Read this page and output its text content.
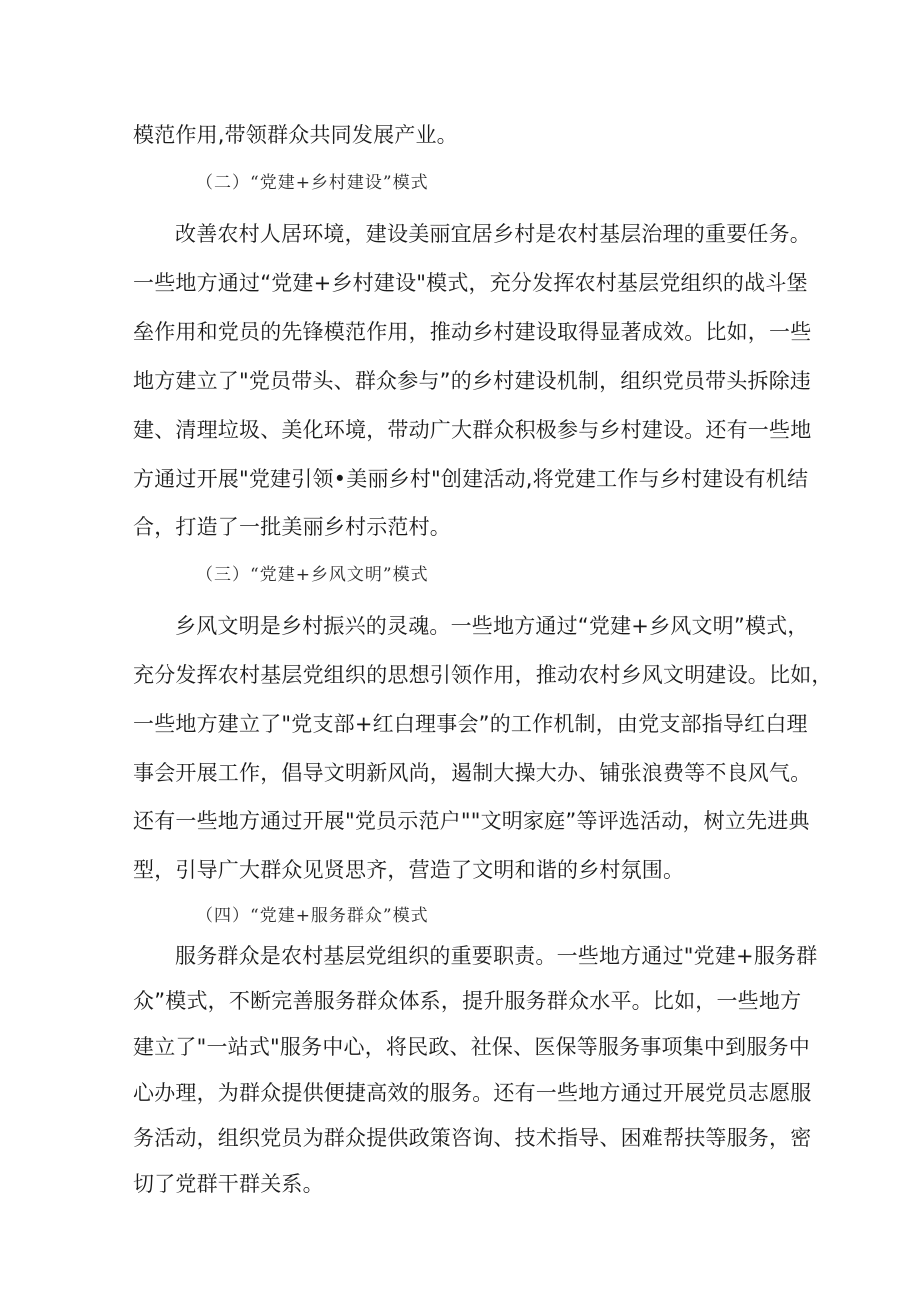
模范作用,带领群众共同发展产业。
（二）“党建+乡村建设”模式
改善农村人居环境，建设美丽宜居乡村是农村基层治理的重要任务。
一些地方通过“党建+乡村建设"模式，充分发挥农村基层党组织的战斗堡
垒作用和党员的先锋模范作用，推动乡村建设取得显著成效。比如，一些
地方建立了"党员带头、群众参与”的乡村建设机制，组织党员带头拆除违
建、清理垃圾、美化环境，带动广大群众积极参与乡村建设。还有一些地
方通过开展"党建引领•美丽乡村"创建活动,将党建工作与乡村建设有机结
合，打造了一批美丽乡村示范村。
（三）“党建+乡风文明”模式
乡风文明是乡村振兴的灵魂。一些地方通过“党建+乡风文明”模式，
充分发挥农村基层党组织的思想引领作用，推动农村乡风文明建设。比如，
一些地方建立了"党支部+红白理事会”的工作机制，由党支部指导红白理
事会开展工作，倡导文明新风尚，遏制大操大办、铺张浪费等不良风气。
还有一些地方通过开展"党员示范户""文明家庭”等评选活动，树立先进典
型，引导广大群众见贤思齐，营造了文明和谐的乡村氛围。
（四）“党建+服务群众”模式
服务群众是农村基层党组织的重要职责。一些地方通过"党建+服务群
众”模式，不断完善服务群众体系，提升服务群众水平。比如，一些地方
建立了"一站式"服务中心，将民政、社保、医保等服务事项集中到服务中
心办理，为群众提供便捷高效的服务。还有一些地方通过开展党员志愿服
务活动，组织党员为群众提供政策咨询、技术指导、困难帮扶等服务，密
切了党群干群关系。
